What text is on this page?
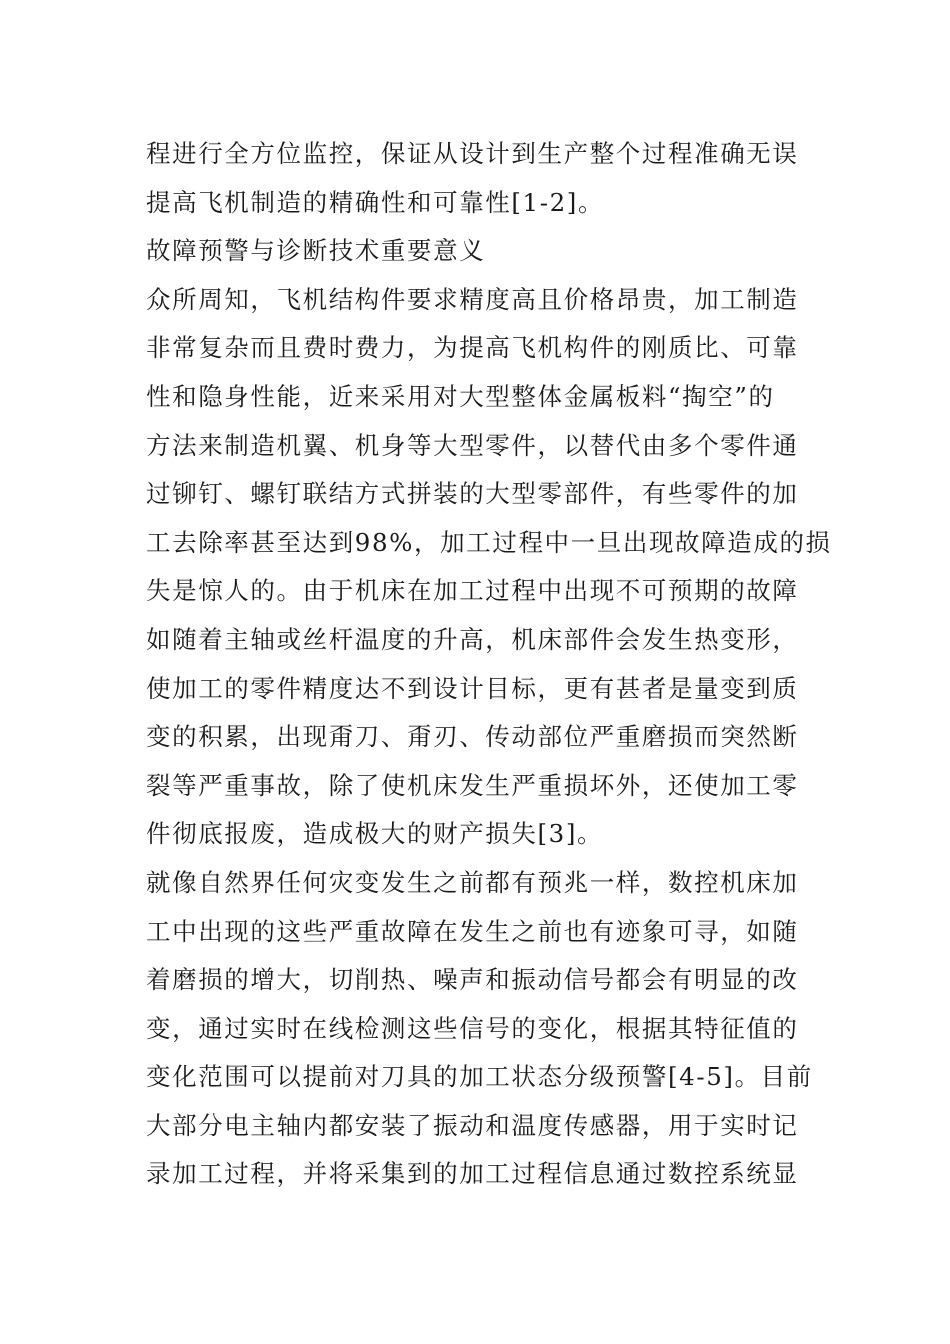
程进行全方位监控，保证从设计到生产整个过程准确无误
提高飞机制造的精确性和可靠性[1-2]。
故障预警与诊断技术重要意义
众所周知，飞机结构件要求精度高且价格昂贵，加工制造
非常复杂而且费时费力，为提高飞机构件的刚质比、可靠
性和隐身性能，近来采用对大型整体金属板料“掏空”的
方法来制造机翼、机身等大型零件，以替代由多个零件通
过铆钉、螺钉联结方式拼装的大型零部件，有些零件的加
工去除率甚至达到98%，加工过程中一旦出现故障造成的损
失是惊人的。由于机床在加工过程中出现不可预期的故障
如随着主轴或丝杆温度的升高，机床部件会发生热变形，
使加工的零件精度达不到设计目标，更有甚者是量变到质
变的积累，出现甭刀、甭刃、传动部位严重磨损而突然断
裂等严重事故，除了使机床发生严重损坏外，还使加工零
件彻底报废，造成极大的财产损失[3]。
就像自然界任何灾变发生之前都有预兆一样，数控机床加
工中出现的这些严重故障在发生之前也有迹象可寻，如随
着磨损的增大，切削热、噪声和振动信号都会有明显的改
变，通过实时在线检测这些信号的变化，根据其特征值的
变化范围可以提前对刀具的加工状态分级预警[4-5]。目前
大部分电主轴内都安装了振动和温度传感器，用于实时记
录加工过程，并将采集到的加工过程信息通过数控系统显
